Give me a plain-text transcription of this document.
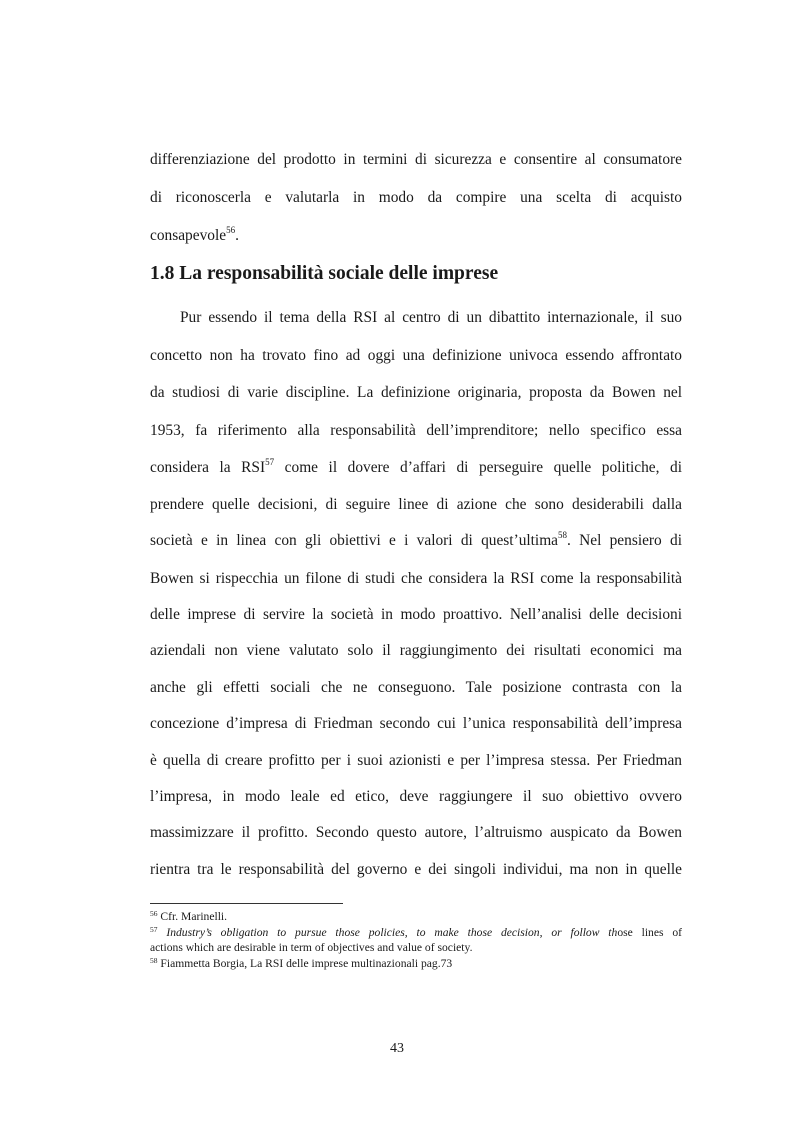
differenziazione del prodotto in termini di sicurezza e consentire al consumatore
di riconoscerla e valutarla in modo da compire una scelta di acquisto
consapevole$^{56}$.
1.8 La responsabilità sociale delle imprese
Pur essendo il tema della RSI al centro di un dibattito internazionale, il suo
concetto non ha trovato fino ad oggi una definizione univoca essendo affrontato
da studiosi di varie discipline. La definizione originaria, proposta da Bowen nel
1953, fa riferimento alla responsabilità dell’imprenditore; nello specifico essa
considera la RSI$^{57}$ come il dovere d’affari di perseguire quelle politiche, di
prendere quelle decisioni, di seguire linee di azione che sono desiderabili dalla
società e in linea con gli obiettivi e i valori di quest’ultima$^{58}$. Nel pensiero di
Bowen si rispecchia un filone di studi che considera la RSI come la responsabilità
delle imprese di servire la società in modo proattivo. Nell’analisi delle decisioni
aziendali non viene valutato solo il raggiungimento dei risultati economici ma
anche gli effetti sociali che ne conseguono. Tale posizione contrasta con la
concezione d’impresa di Friedman secondo cui l’unica responsabilità dell’impresa
è quella di creare profitto per i suoi azionisti e per l’impresa stessa. Per Friedman
l’impresa, in modo leale ed etico, deve raggiungere il suo obiettivo ovvero
massimizzare il profitto. Secondo questo autore, l’altruismo auspicato da Bowen
rientra tra le responsabilità del governo e dei singoli individui, ma non in quelle
$^{56}$ Cfr. Marinelli.
$^{57}$ Industry’s obligation to pursue those policies, to make those decision, or follow those lines of
actions which are desirable in term of objectives and value of society.
$^{58}$ Fiammetta Borgia, La RSI delle imprese multinazionali pag.73
43
